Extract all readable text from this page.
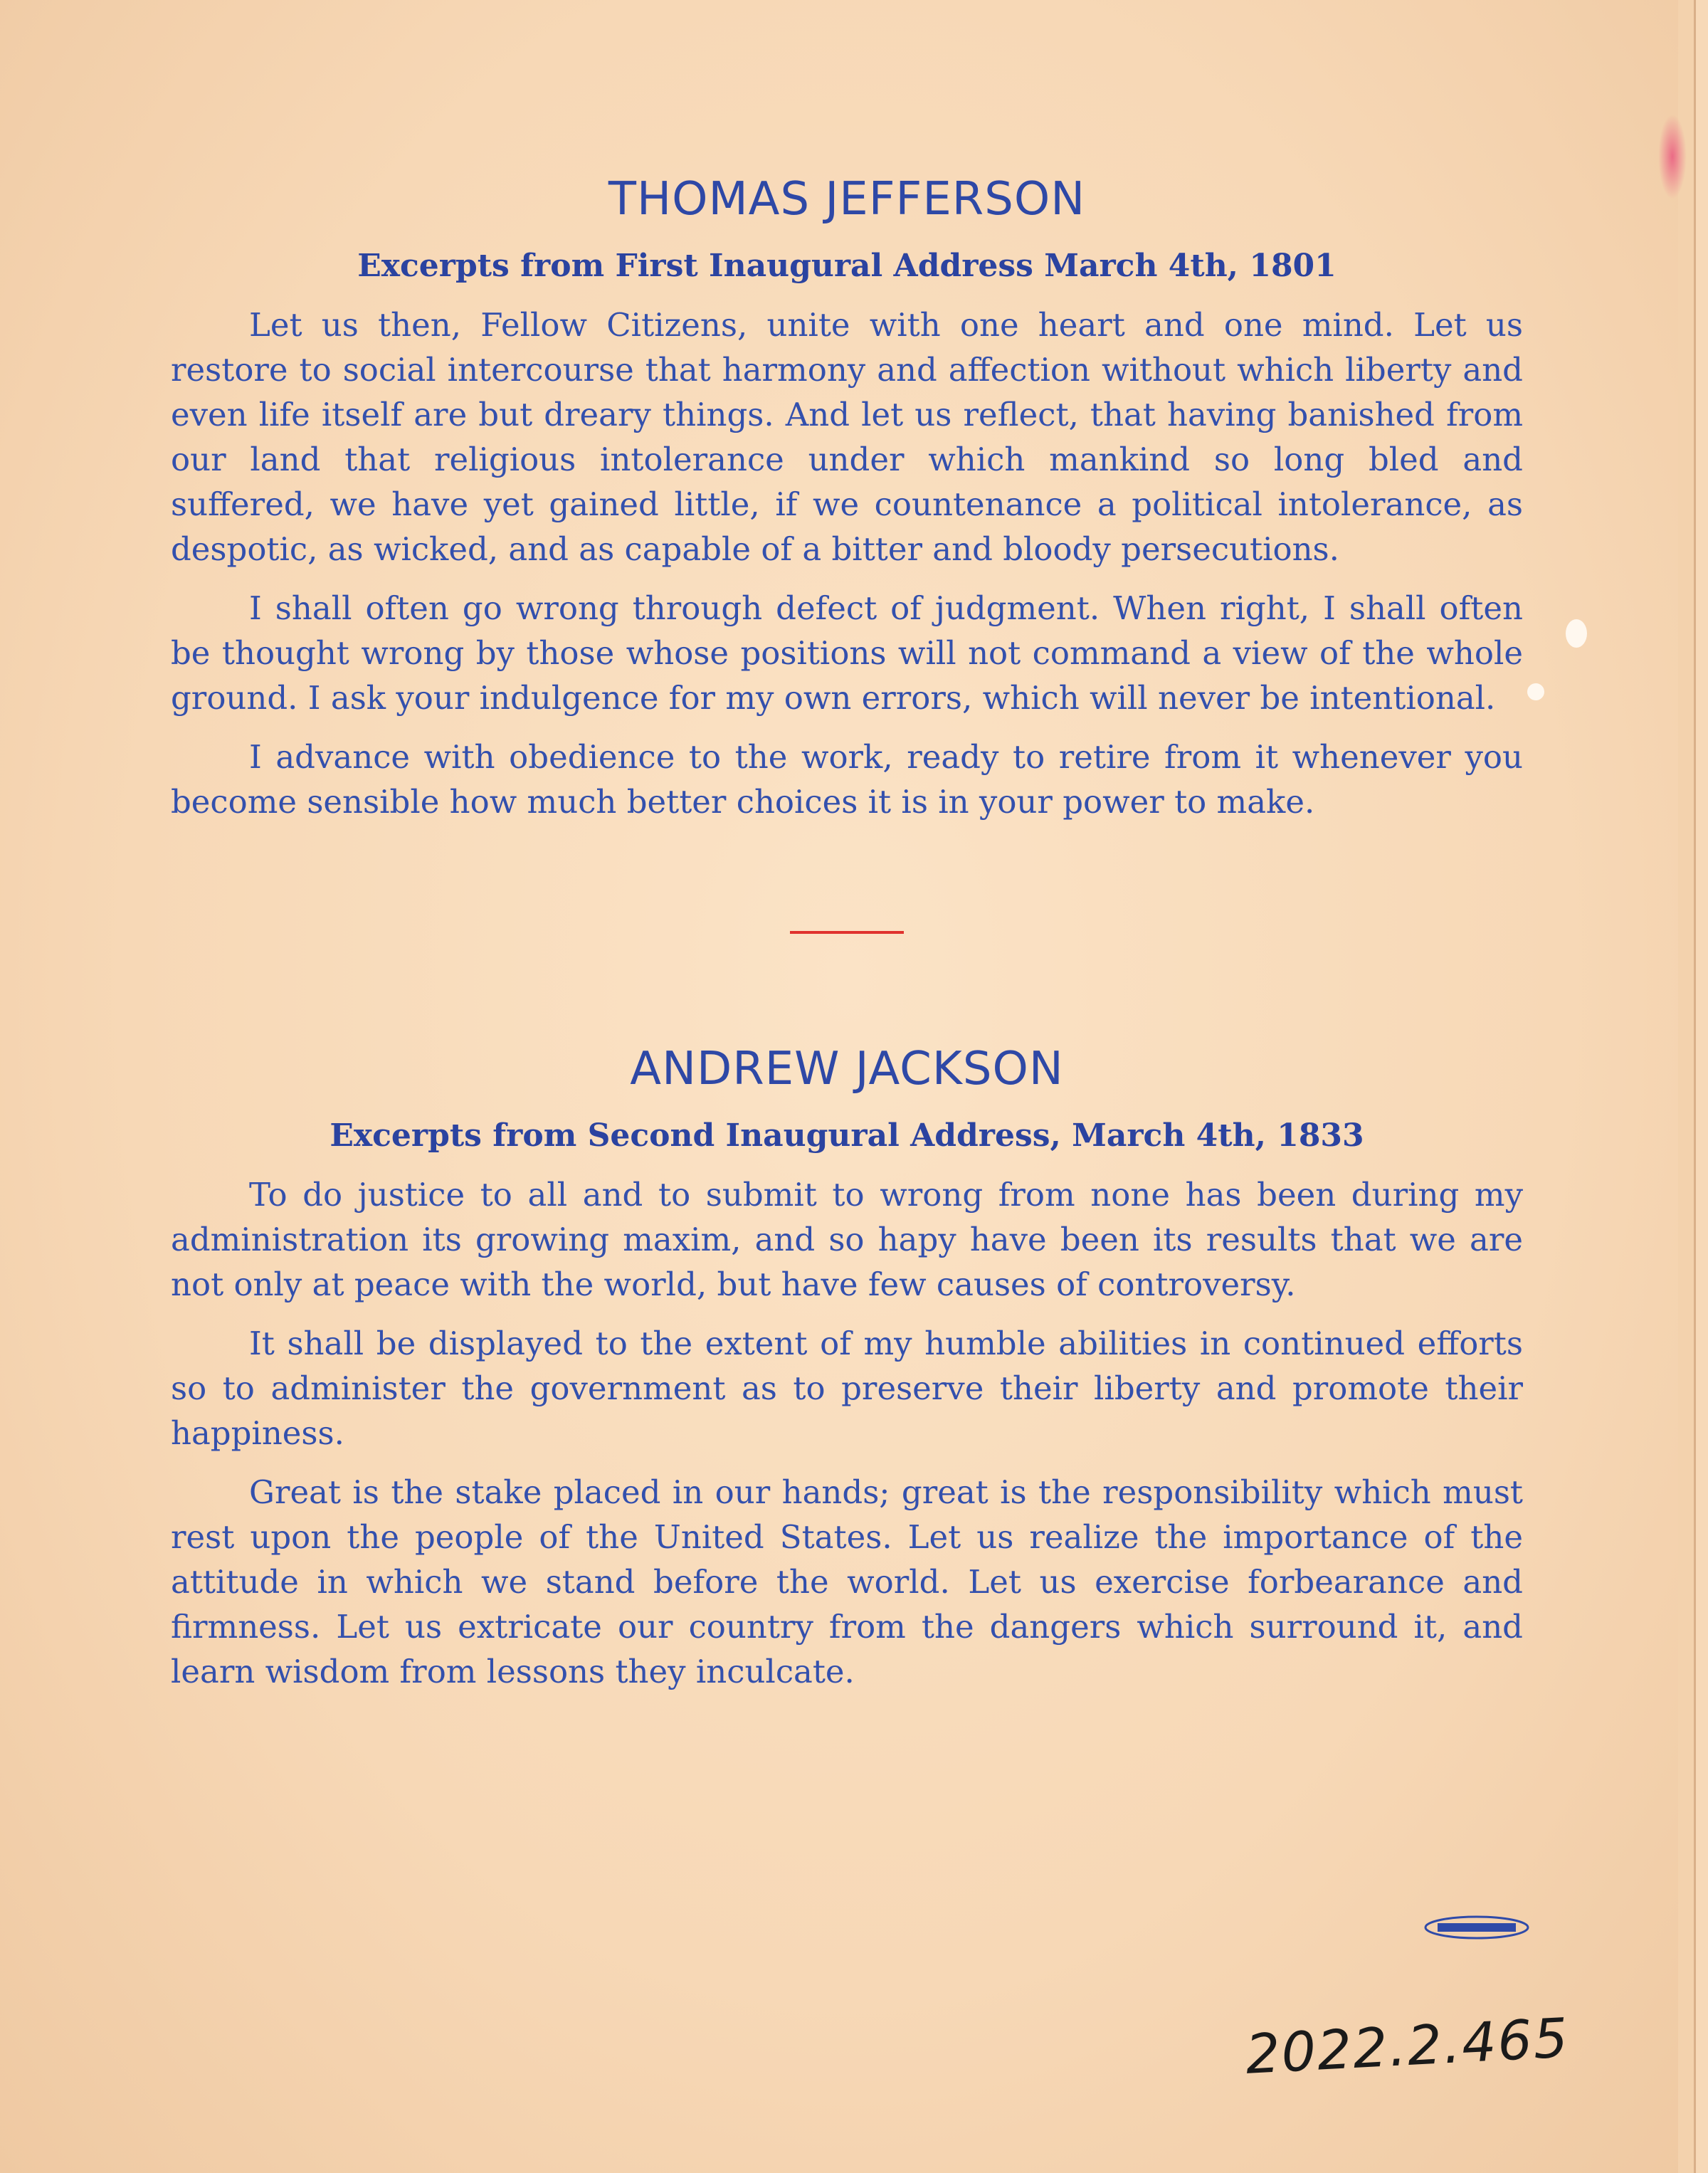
THOMAS JEFFERSON
Excerpts from First Inaugural Address March 4th, 1801

Let us then, Fellow Citizens, unite with one heart and one mind. Let us restore to social intercourse that harmony and affection without which liberty and even life itself are but dreary things. And let us reflect, that having banished from our land that religious intolerance under which mankind so long bled and suffered, we have yet gained little, if we countenance a political intolerance, as despotic, as wicked, and as capable of a bitter and bloody persecutions.

I shall often go wrong through defect of judgment. When right, I shall often be thought wrong by those whose positions will not command a view of the whole ground. I ask your indulgence for my own errors, which will never be intentional.

I advance with obedience to the work, ready to retire from it whenever you become sensible how much better choices it is in your power to make.

ANDREW JACKSON
Excerpts from Second Inaugural Address, March 4th, 1833

To do justice to all and to submit to wrong from none has been during my administration its growing maxim, and so hapy have been its results that we are not only at peace with the world, but have few causes of controversy.

It shall be displayed to the extent of my humble abilities in continued efforts so to administer the government as to preserve their liberty and promote their happiness.

Great is the stake placed in our hands; great is the responsibility which must rest upon the people of the United States. Let us realize the importance of the attitude in which we stand before the world. Let us exercise forbearance and firmness. Let us extricate our country from the dangers which surround it, and learn wisdom from lessons they inculcate.

2022.2.465
